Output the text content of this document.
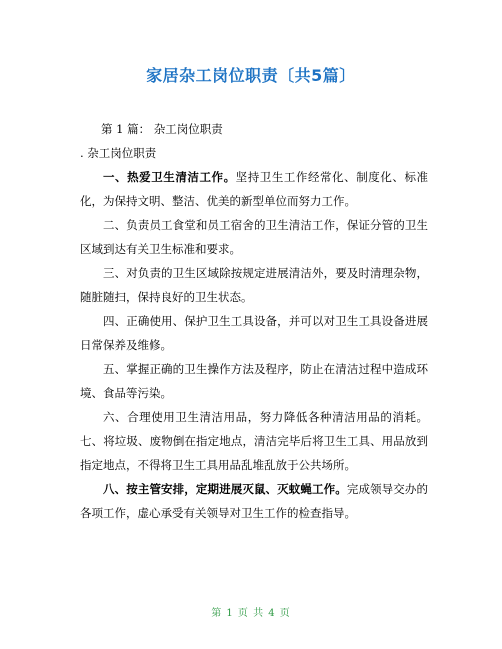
家居杂工岗位职责〔共5篇〕

第 1 篇： 杂工岗位职责

. 杂工岗位职责

一、热爱卫生清洁工作。坚持卫生工作经常化、制度化、标准化，为保持文明、整洁、优美的新型单位而努力工作。

二、负责员工食堂和员工宿舍的卫生清洁工作，保证分管的卫生区域到达有关卫生标准和要求。

三、对负责的卫生区域除按规定进展清洁外，要及时清理杂物，随脏随扫，保持良好的卫生状态。

四、正确使用、保护卫生工具设备，并可以对卫生工具设备进展日常保养及维修。

五、掌握正确的卫生操作方法及程序，防止在清洁过程中造成环境、食品等污染。

六、合理使用卫生清洁用品，努力降低各种清洁用品的消耗。 七、将垃圾、废物倒在指定地点，清洁完毕后将卫生工具、用品放到指定地点，不得将卫生工具用品乱堆乱放于公共场所。

八、按主管安排，定期进展灭鼠、灭蚊蝇工作。完成领导交办的各项工作，虚心承受有关领导对卫生工作的检查指导。

第 1 页 共 4 页
